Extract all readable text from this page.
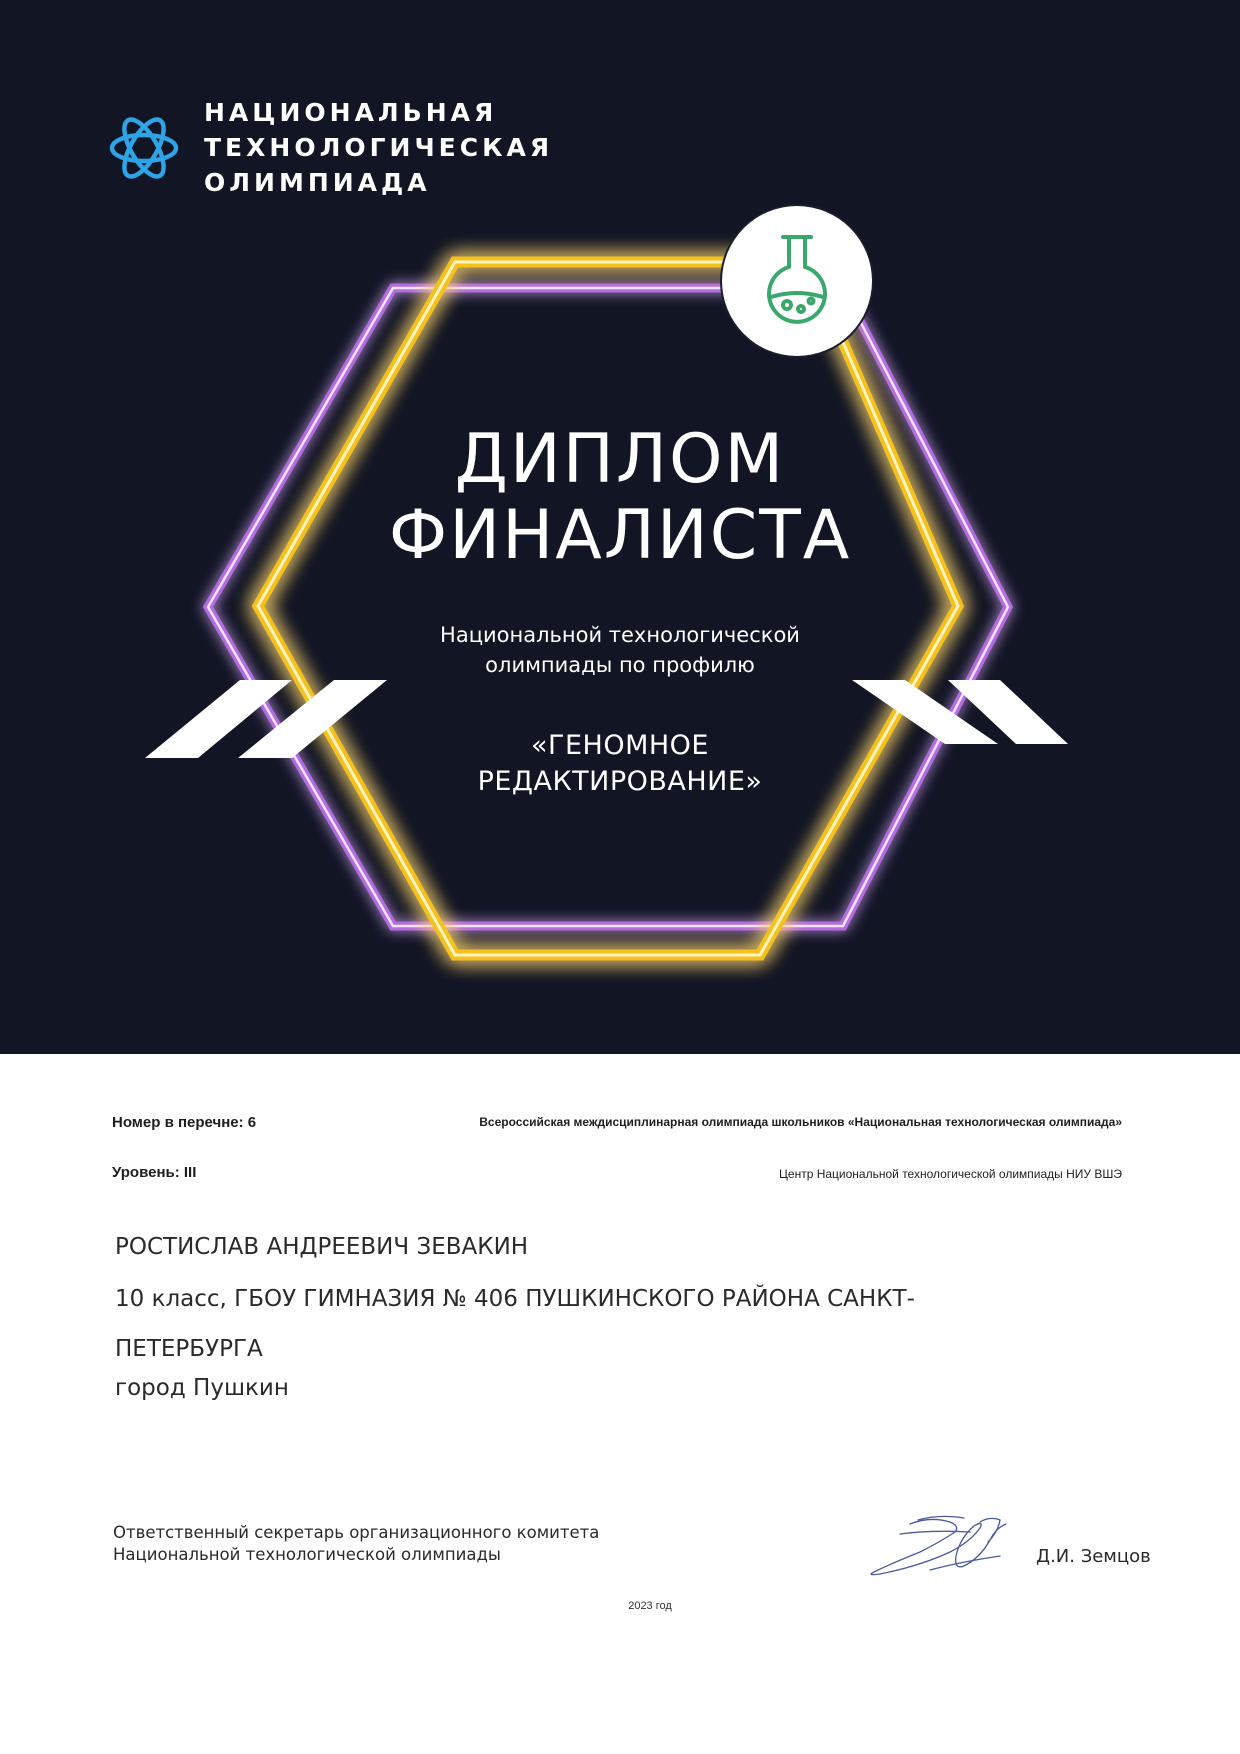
НАЦИОНАЛЬНАЯ
ТЕХНОЛОГИЧЕСКАЯ
ОЛИМПИАДА
ДИПЛОМ
ФИНАЛИСТА
Национальной технологической
олимпиады по профилю
«ГЕНОМНОЕ
РЕДАКТИРОВАНИЕ»
Номер в перечне: 6
Уровень: III
Всероссийская междисциплинарная олимпиада школьников «Национальная технологическая олимпиада»
Центр Национальной технологической олимпиады НИУ ВШЭ
РОСТИСЛАВ АНДРЕЕВИЧ ЗЕВАКИН
10 класс, ГБОУ ГИМНАЗИЯ № 406 ПУШКИНСКОГО РАЙОНА САНКТ-
ПЕТЕРБУРГА
город Пушкин
Ответственный секретарь организационного комитета
Национальной технологической олимпиады	Д.И. Земцов
2023 год
